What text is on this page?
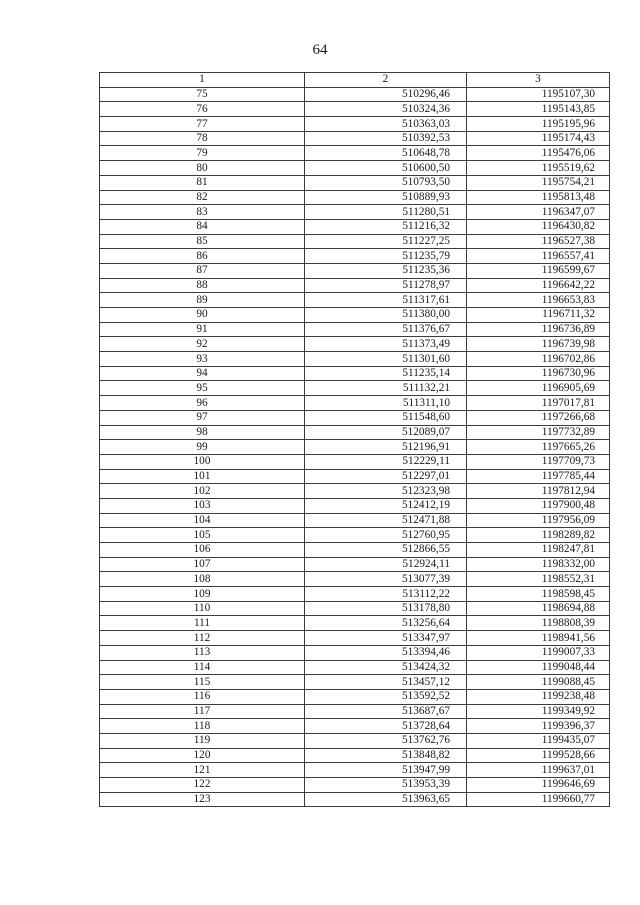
64
1	2	3
75	510296,46	1195107,30
76	510324,36	1195143,85
77	510363,03	1195195,96
78	510392,53	1195174,43
79	510648,78	1195476,06
80	510600,50	1195519,62
81	510793,50	1195754,21
82	510889,93	1195813,48
83	511280,51	1196347,07
84	511216,32	1196430,82
85	511227,25	1196527,38
86	511235,79	1196557,41
87	511235,36	1196599,67
88	511278,97	1196642,22
89	511317,61	1196653,83
90	511380,00	1196711,32
91	511376,67	1196736,89
92	511373,49	1196739,98
93	511301,60	1196702,86
94	511235,14	1196730,96
95	511132,21	1196905,69
96	511311,10	1197017,81
97	511548,60	1197266,68
98	512089,07	1197732,89
99	512196,91	1197665,26
100	512229,11	1197709,73
101	512297,01	1197785,44
102	512323,98	1197812,94
103	512412,19	1197900,48
104	512471,88	1197956,09
105	512760,95	1198289,82
106	512866,55	1198247,81
107	512924,11	1198332,00
108	513077,39	1198552,31
109	513112,22	1198598,45
110	513178,80	1198694,88
111	513256,64	1198808,39
112	513347,97	1198941,56
113	513394,46	1199007,33
114	513424,32	1199048,44
115	513457,12	1199088,45
116	513592,52	1199238,48
117	513687,67	1199349,92
118	513728,64	1199396,37
119	513762,76	1199435,07
120	513848,82	1199528,66
121	513947,99	1199637,01
122	513953,39	1199646,69
123	513963,65	1199660,77
